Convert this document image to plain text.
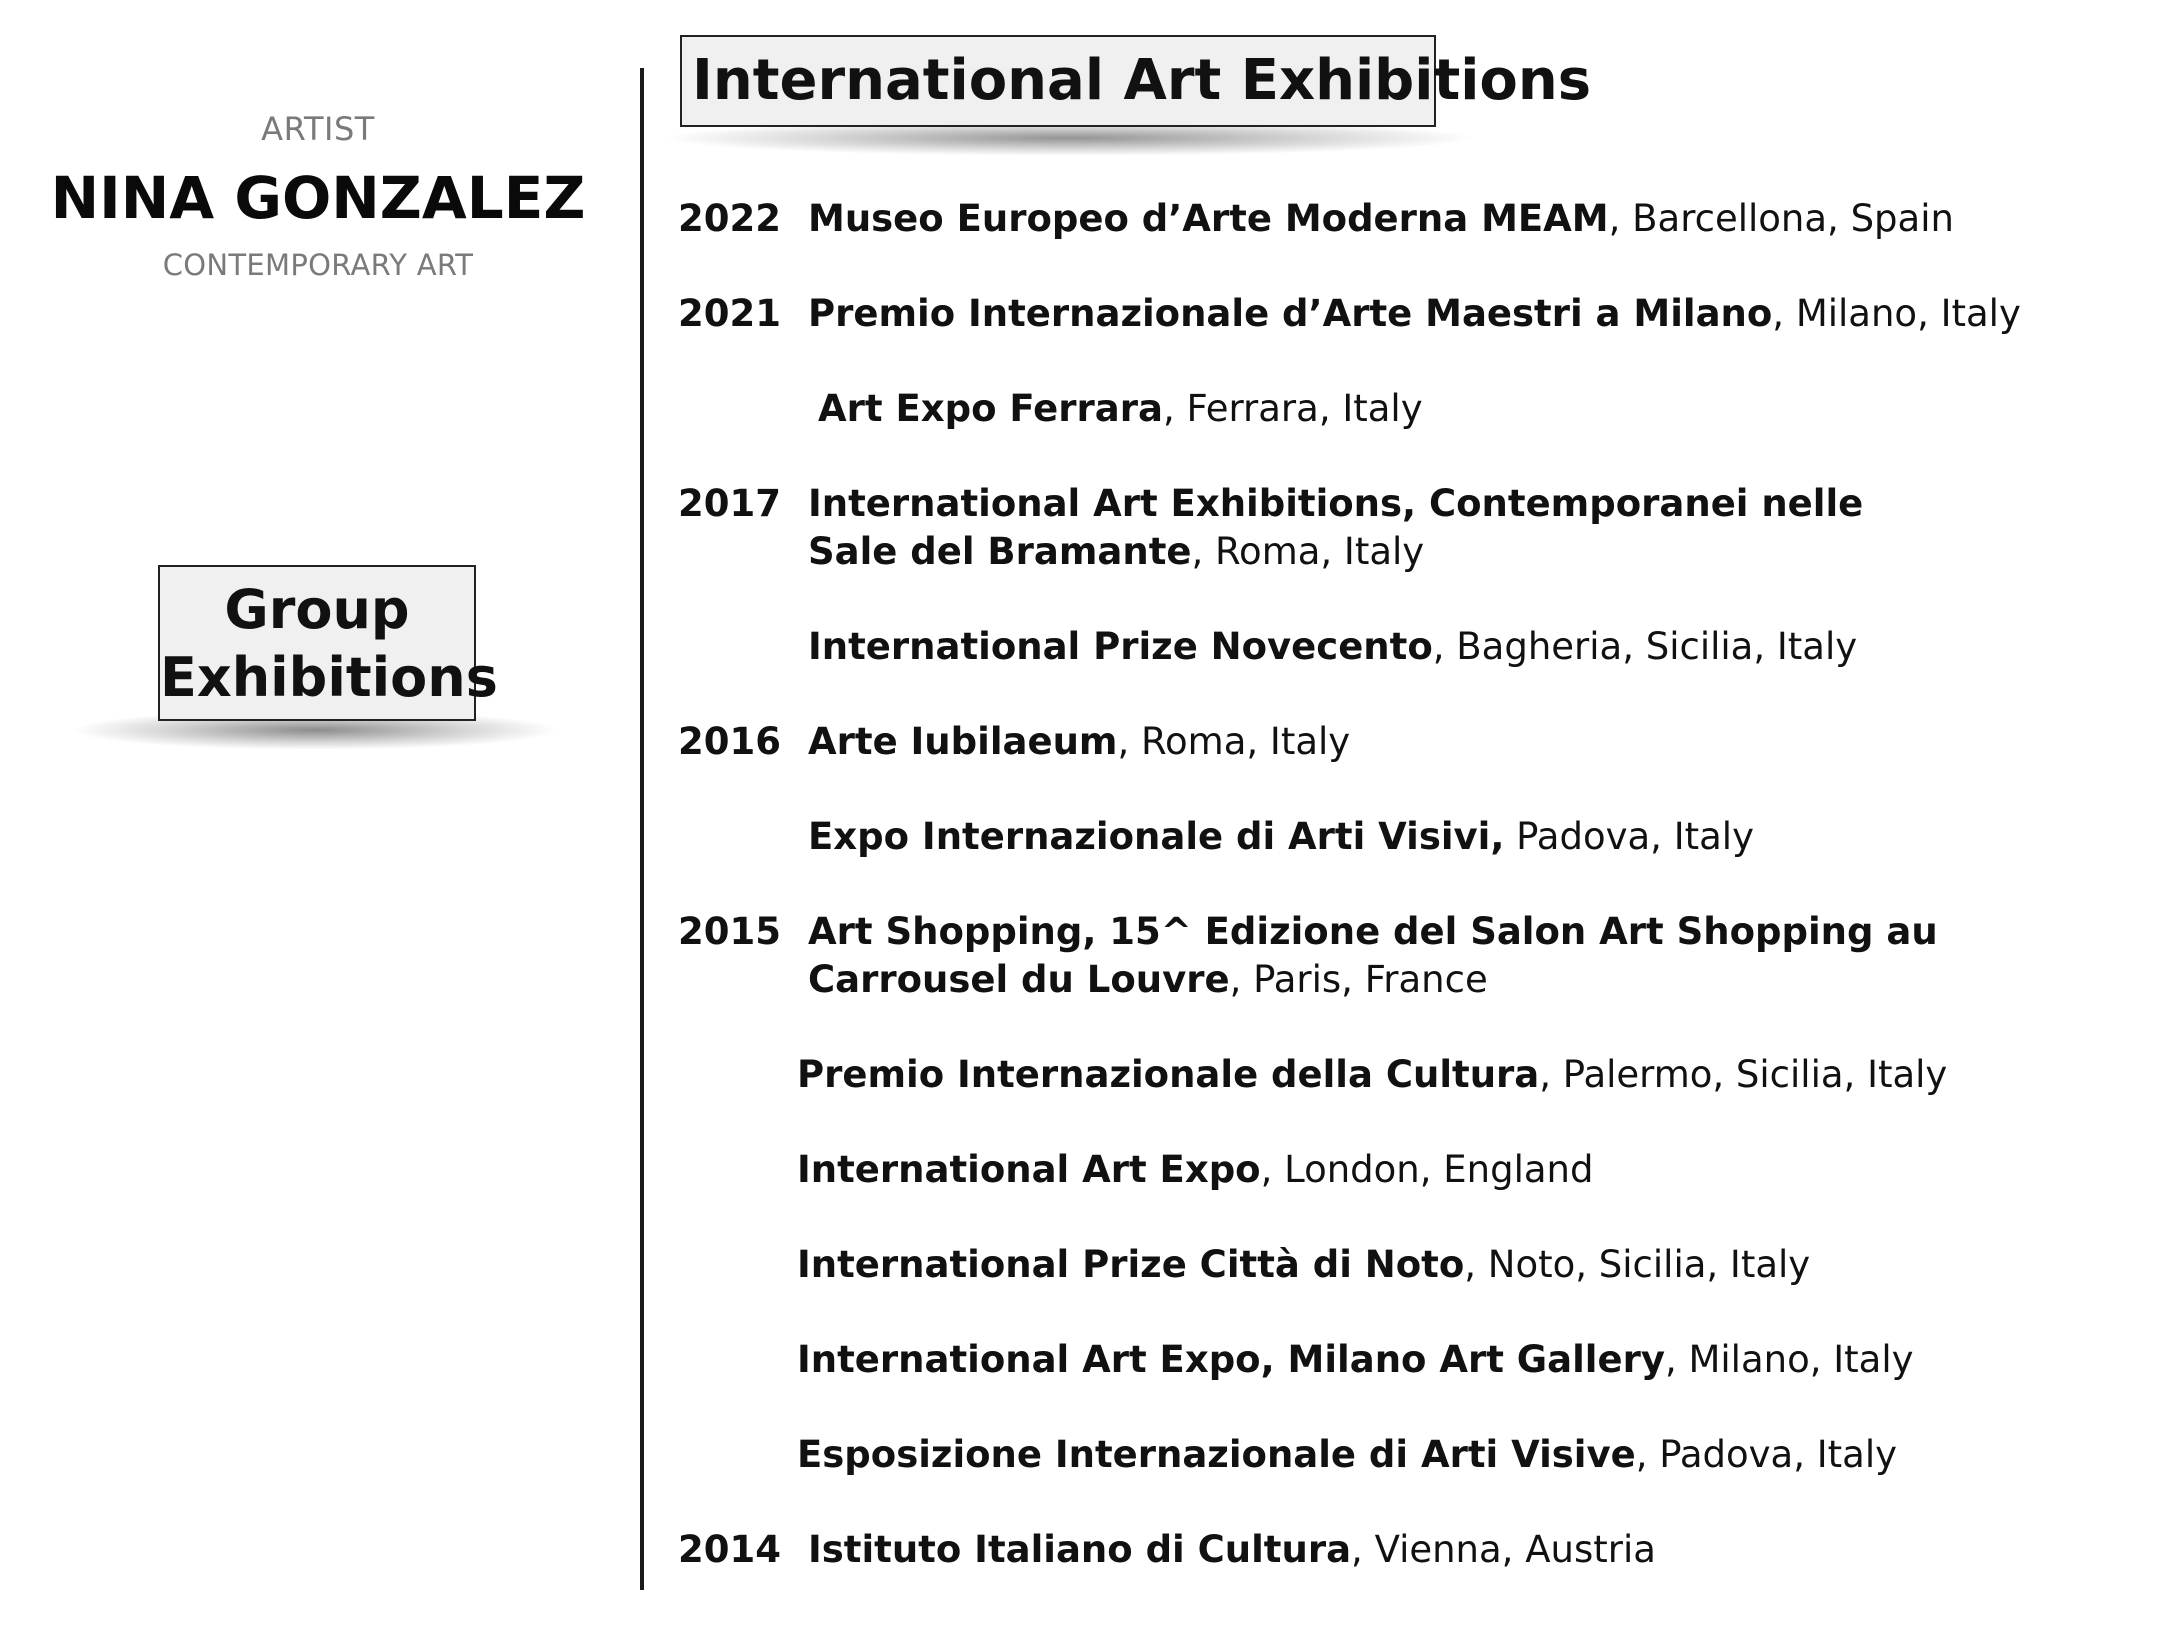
ARTIST
NINA GONZALEZ
CONTEMPORARY ART
Group
Exhibitions
International Art Exhibitions
2022 Museo Europeo d’Arte Moderna MEAM, Barcellona, Spain
2021 Premio Internazionale d’Arte Maestri a Milano, Milano, Italy
Art Expo Ferrara, Ferrara, Italy
2017 International Art Exhibitions, Contemporanei nelle
Sale del Bramante, Roma, Italy
International Prize Novecento, Bagheria, Sicilia, Italy
2016 Arte Iubilaeum, Roma, Italy
Expo Internazionale di Arti Visivi, Padova, Italy
2015 Art Shopping, 15^ Edizione del Salon Art Shopping au
Carrousel du Louvre, Paris, France
Premio Internazionale della Cultura, Palermo, Sicilia, Italy
International Art Expo, London, England
International Prize Città di Noto, Noto, Sicilia, Italy
International Art Expo, Milano Art Gallery, Milano, Italy
Esposizione Internazionale di Arti Visive, Padova, Italy
2014 Istituto Italiano di Cultura, Vienna, Austria
